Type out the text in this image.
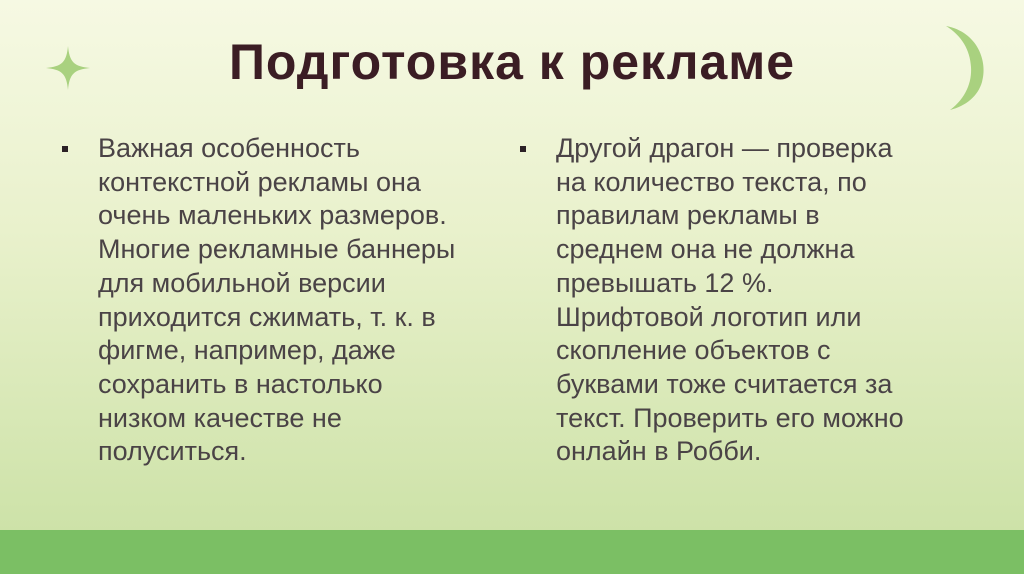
Подготовка к рекламе

Важная особенность
контекстной рекламы она
очень маленьких размеров.
Многие рекламные баннеры
для мобильной версии
приходится сжимать, т. к. в
фигме, например, даже
сохранить в настолько
низком качестве не
полуситься.

Другой драгон — проверка
на количество текста, по
правилам рекламы в
среднем она не должна
превышать 12 %.
Шрифтовой логотип или
скопление объектов с
буквами тоже считается за
текст. Проверить его можно
онлайн в Робби.
